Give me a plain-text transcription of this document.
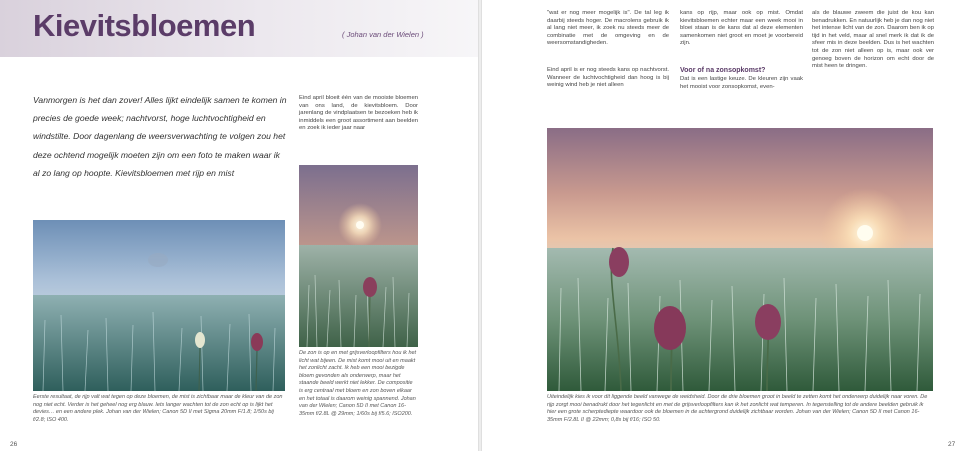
Kievitsbloemen	( Johan van der Wielen )

Vanmorgen is het dan zover! Alles lijkt eindelijk samen te komen in precies de goede week; nachtvorst, hoge luchtvochtigheid en windstilte. Door dagenlang de weersverwachting te volgen zou het deze ochtend mogelijk moeten zijn om een foto te maken waar ik al zo lang op hoopte. Kievitsbloemen met rijp en mist

Eind april bloeit één van de mooiste bloemen van ons land, de kievitsbloem. Door jarenlang de vindplaatsen te bezoeken heb ik inmiddels een groot assortiment aan beelden en zoek ik ieder jaar naar

De zon is op en met grijsverloopfilters hou ik het licht wat bijeen. De mist komt mooi uit en maakt het zonlicht zacht. Ik heb een mooi bezigde bloem gevonden als onderwerp, maar het staande beeld werkt niet lekker. De compositie is erg centraal met bloem en zon boven elkaar en het totaal is daarom weinig spannend. Johan van der Wielen; Canon 5D II met Canon 16-35mm f/2.8L @ 29mm; 1/60s bij f/5.6; ISO200.

Eerste resultaat, de rijp valt wat tegen op deze bloemen, de mist is zichtbaar maar de kleur van de zon nog niet echt. Verder is het geheel nog erg blauw. Iets langer wachten tot de zon echt op is lijkt het devies… en een andere plek. Johan van der Wielen; Canon 5D II met Sigma 20mm F/1.8; 1/50s bij f/2.8; ISO 400.

26

"wat er nog meer mogelijk is". De tal leg ik daarbij steeds hoger. De macrolens gebruik ik al lang niet meer, ik zoek nu steeds meer de combinatie met de omgeving en de weersomstandigheden.

Eind april is er nog steeds kans op nachtvorst. Wanneer de luchtvochtigheid dan hoog is bij weinig wind heb je niet alleen

kans op rijp, maar ook op mist. Omdat kievitsbloemen echter maar een week mooi in bloei staan is de kans dat al deze elementen samenkomen niet groot en moet je voorbereid zijn.

Voor of na zonsopkomst?

Dat is een lastige keuze. De kleuren zijn vaak het mooist voor zonsopkomst, even-

als de blauwe zweem die juist de kou kan benadrukken. En natuurlijk heb je dan nog niet het intense licht van de zon. Daarom ben ik op tijd in het veld, maar al snel merk ik dat ik de sfeer mis in deze beelden. Dus is het wachten tot de zon niet alleen op is, maar ook ver genoeg boven de horizon om echt door de mist heen te dringen.

Uiteindelijk kies ik voor dit liggende beeld vanwege de weidsheid. Door de drie bloemen groot in beeld te zetten komt het onderwerp duidelijk naar voren. De rijp zorgt mooi benadrukt door het tegenlicht en met de grijsverloopfilters kan ik het zonlicht wat temperen. In tegenstelling tot de andere beelden gebruik ik hier een grote scherptediepte waardoor ook de bloemen in de achtergrond duidelijk zichtbaar worden. Johan van der Wielen; Canon 5D II met Canon 16-35mm F/2.8L II @ 22mm; 0,8s bij f/16; ISO 50.

27
